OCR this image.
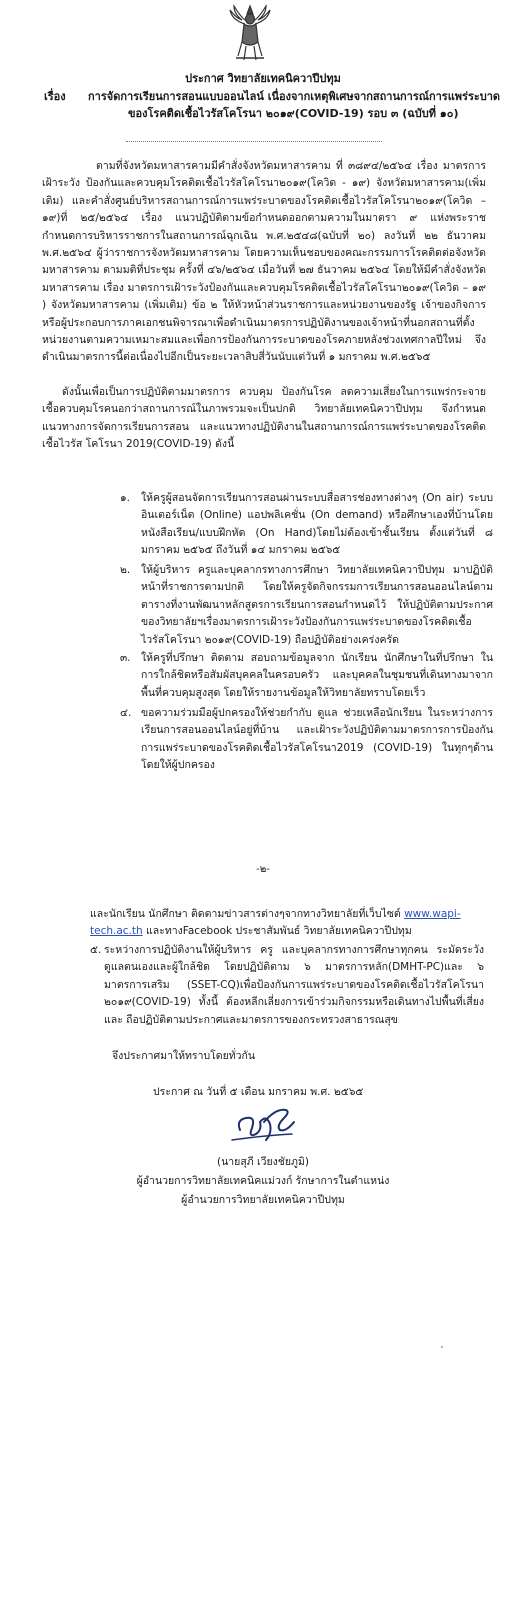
ประกาศ วิทยาลัยเทคนิควาปีปทุม
เรื่อง การจัดการเรียนการสอนแบบออนไลน์ เนื่องจากเหตุพิเศษจากสถานการณ์การแพร่ระบาด
ของโรคติดเชื้อไวรัสโคโรนา ๒๐๑๙(COVID-19) รอบ ๓ (ฉบับที่ ๑๐)
ตามที่จังหวัดมหาสารคามมีคำสั่งจังหวัดมหาสารคาม ที่ ๓๘๙๔/๒๕๖๔ เรื่อง มาตรการเฝ้าระวัง ป้องกันและควบคุมโรคติดเชื้อไวรัสโคโรนา๒๐๑๙(โควิด - ๑๙) จังหวัดมหาสารคาม(เพิ่มเติม) และคำสั่งศูนย์บริหารสถานการณ์การแพร่ระบาดของโรคติดเชื้อไวรัสโคโรนา๒๐๑๙(โควิด – ๑๙)ที่ ๒๕/๒๕๖๔ เรื่อง แนวปฏิบัติตามข้อกำหนดออกตามความในมาตรา ๙ แห่งพระราชกำหนดการบริหารราชการในสถานการณ์ฉุกเฉิน พ.ศ.๒๕๔๘(ฉบับที่ ๒๐) ลงวันที่ ๒๒ ธันวาคม พ.ศ.๒๕๖๔ ผู้ว่าราชการจังหวัดมหาสารคาม โดยความเห็นชอบของคณะกรรมการโรคติดต่อจังหวัดมหาสารคาม ตามมติที่ประชุม ครั้งที่ ๔๖/๒๕๖๔ เมื่อวันที่ ๒๗ ธันวาคม ๒๕๖๔ โดยให้มีคำสั่งจังหวัดมหาสารคาม เรื่อง มาตรการเฝ้าระวังป้องกันและควบคุมโรคติดเชื้อไวรัสโคโรนา๒๐๑๙(โควิด – ๑๙ ) จังหวัดมหาสารคาม (เพิ่มเติม) ข้อ ๒ ให้หัวหน้าส่วนราชการและหน่วยงานของรัฐ เจ้าของกิจการหรือผู้ประกอบการภาคเอกชนพิจารณาเพื่อดำเนินมาตรการปฏิบัติงานของเจ้าหน้าที่นอกสถานที่ตั้งหน่วยงานตามความเหมาะสมและเพื่อการป้องกันการระบาดของโรคภายหลังช่วงเทศกาลปีใหม่ จึงดำเนินมาตรการนี้ต่อเนื่องไปอีกเป็นระยะเวลาสิบสี่วันนับแต่วันที่ ๑ มกราคม พ.ศ.๒๕๖๕
ดังนั้นเพื่อเป็นการปฏิบัติตามมาตรการ ควบคุม ป้องกันโรค ลดความเสี่ยงในการแพร่กระจายเชื้อควบคุมโรคนอกว่าสถานการณ์ในภาพรวมจะเป็นปกติ วิทยาลัยเทคนิควาปีปทุม จึงกำหนดแนวทางการจัดการเรียนการสอน และแนวทางปฏิบัติงานในสถานการณ์การแพร่ระบาดของโรคติดเชื้อไวรัส โคโรนา 2019(COVID-19) ดังนี้
๑. ให้ครูผู้สอนจัดการเรียนการสอนผ่านระบบสื่อสารช่องทางต่างๆ (On air) ระบบอินเตอร์เน็ต (Online) แอปพลิเคชั่น (On demand) หรือศึกษาเองที่บ้านโดยหนังสือเรียน/แบบฝึกหัด (On Hand)โดยไม่ต้องเข้าชั้นเรียน ตั้งแต่วันที่ ๘ มกราคม ๒๕๖๕ ถึงวันที่ ๑๔ มกราคม ๒๕๖๕
๒. ให้ผู้บริหาร ครูและบุคลากรทางการศึกษา วิทยาลัยเทคนิควาปีปทุม มาปฏิบัติหน้าที่ราชการตามปกติ โดยให้ครูจัดกิจกรรมการเรียนการสอนออนไลน์ตามตารางที่งานพัฒนาหลักสูตรการเรียนการสอนกำหนดไว้ ให้ปฏิบัติตามประกาศของวิทยาลัยฯเรื่องมาตรการเฝ้าระวังป้องกันการแพร่ระบาดของโรคติดเชื้อไวรัสโคโรนา ๒๐๑๙(COVID-19) ถือปฏิบัติอย่างเคร่งครัด
๓. ให้ครูที่ปรึกษา ติดตาม สอบถามข้อมูลจาก นักเรียน นักศึกษาในที่ปรึกษา ในการใกล้ชิดหรือสัมผัสบุคคลในครอบครัว และบุคคลในชุมชนที่เดินทางมาจากพื้นที่ควบคุมสูงสุด โดยให้รายงานข้อมูลให้วิทยาลัยทราบโดยเร็ว
๔. ขอความร่วมมือผู้ปกครองให้ช่วยกำกับ ดูแล ช่วยเหลือนักเรียน ในระหว่างการเรียนการสอนออนไลน์อยู่ที่บ้าน และเฝ้าระวังปฏิบัติตามมาตรการการป้องกันการแพร่ระบาดของโรคติดเชื้อไวรัสโคโรนา2019 (COVID-19) ในทุกๆด้าน โดยให้ผู้ปกครอง
-๒-
และนักเรียน นักศึกษา ติดตามข่าวสารต่างๆจากทางวิทยาลัยที่เว็บไซต์ www.wapi-tech.ac.th และทางFacebook ประชาสัมพันธ์ วิทยาลัยเทคนิควาปีปทุม
๕. ระหว่างการปฏิบัติงานให้ผู้บริหาร ครู และบุคลากรทางการศึกษาทุกคน ระมัดระวังดูแลตนเองและผู้ใกล้ชิด โดยปฏิบัติตาม ๖ มาตรการหลัก(DMHT-PC)และ ๖ มาตรการเสริม (SSET-CQ)เพื่อป้องกันการแพร่ระบาดของโรคติดเชื้อไวรัสโคโรนา ๒๐๑๙(COVID-19) ทั้งนี้ ต้องหลีกเลี่ยงการเข้าร่วมกิจกรรมหรือเดินทางไปพื้นที่เสี่ยง และ ถือปฏิบัติตามประกาศและมาตรการของกระทรวงสาธารณสุข
จึงประกาศมาให้ทราบโดยทั่วกัน
ประกาศ ณ วันที่ ๕ เดือน มกราคม พ.ศ. ๒๕๖๕
(นายสุภี เวียงชัยภูมิ)
ผู้อำนวยการวิทยาลัยเทคนิคแม่วงก์ รักษาการในตำแหน่ง
ผู้อำนวยการวิทยาลัยเทคนิควาปีปทุม
